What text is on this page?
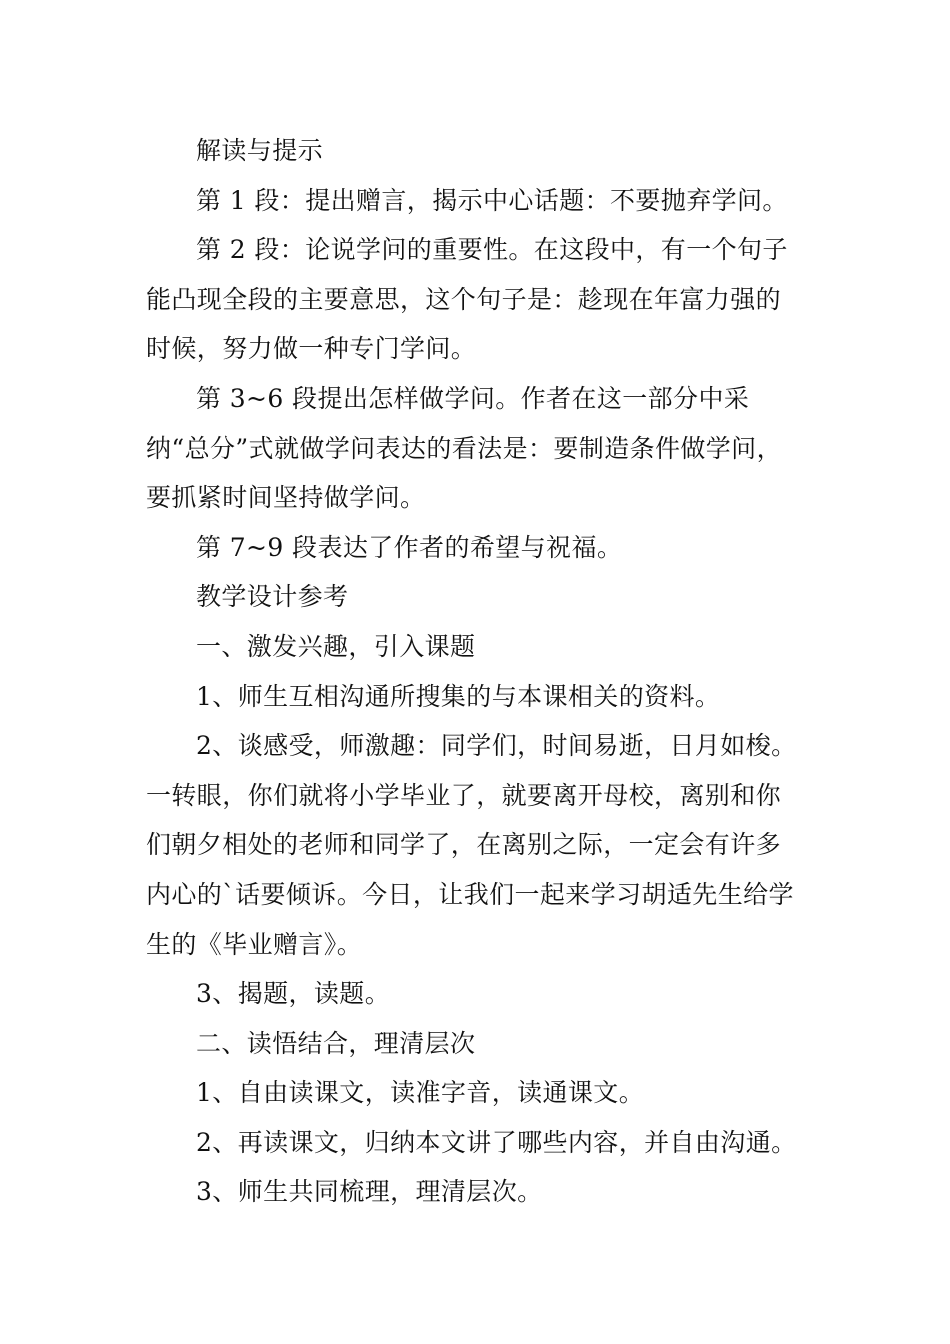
解读与提示

第 1 段：提出赠言，揭示中心话题：不要抛弃学问。

第 2 段：论说学问的重要性。在这段中，有一个句子能凸现全段的主要意思，这个句子是：趁现在年富力强的时候，努力做一种专门学问。

第 3~6 段提出怎样做学问。作者在这一部分中采纳“总分”式就做学问表达的看法是：要制造条件做学问，要抓紧时间坚持做学问。

第 7~9 段表达了作者的希望与祝福。

教学设计参考

一、激发兴趣，引入课题

1、师生互相沟通所搜集的与本课相关的资料。

2、谈感受，师激趣：同学们，时间易逝，日月如梭。一转眼，你们就将小学毕业了，就要离开母校，离别和你们朝夕相处的老师和同学了，在离别之际，一定会有许多内心的`话要倾诉。今日，让我们一起来学习胡适先生给学生的《毕业赠言》。

3、揭题，读题。

二、读悟结合，理清层次

1、自由读课文，读准字音，读通课文。

2、再读课文，归纳本文讲了哪些内容，并自由沟通。

3、师生共同梳理，理清层次。
